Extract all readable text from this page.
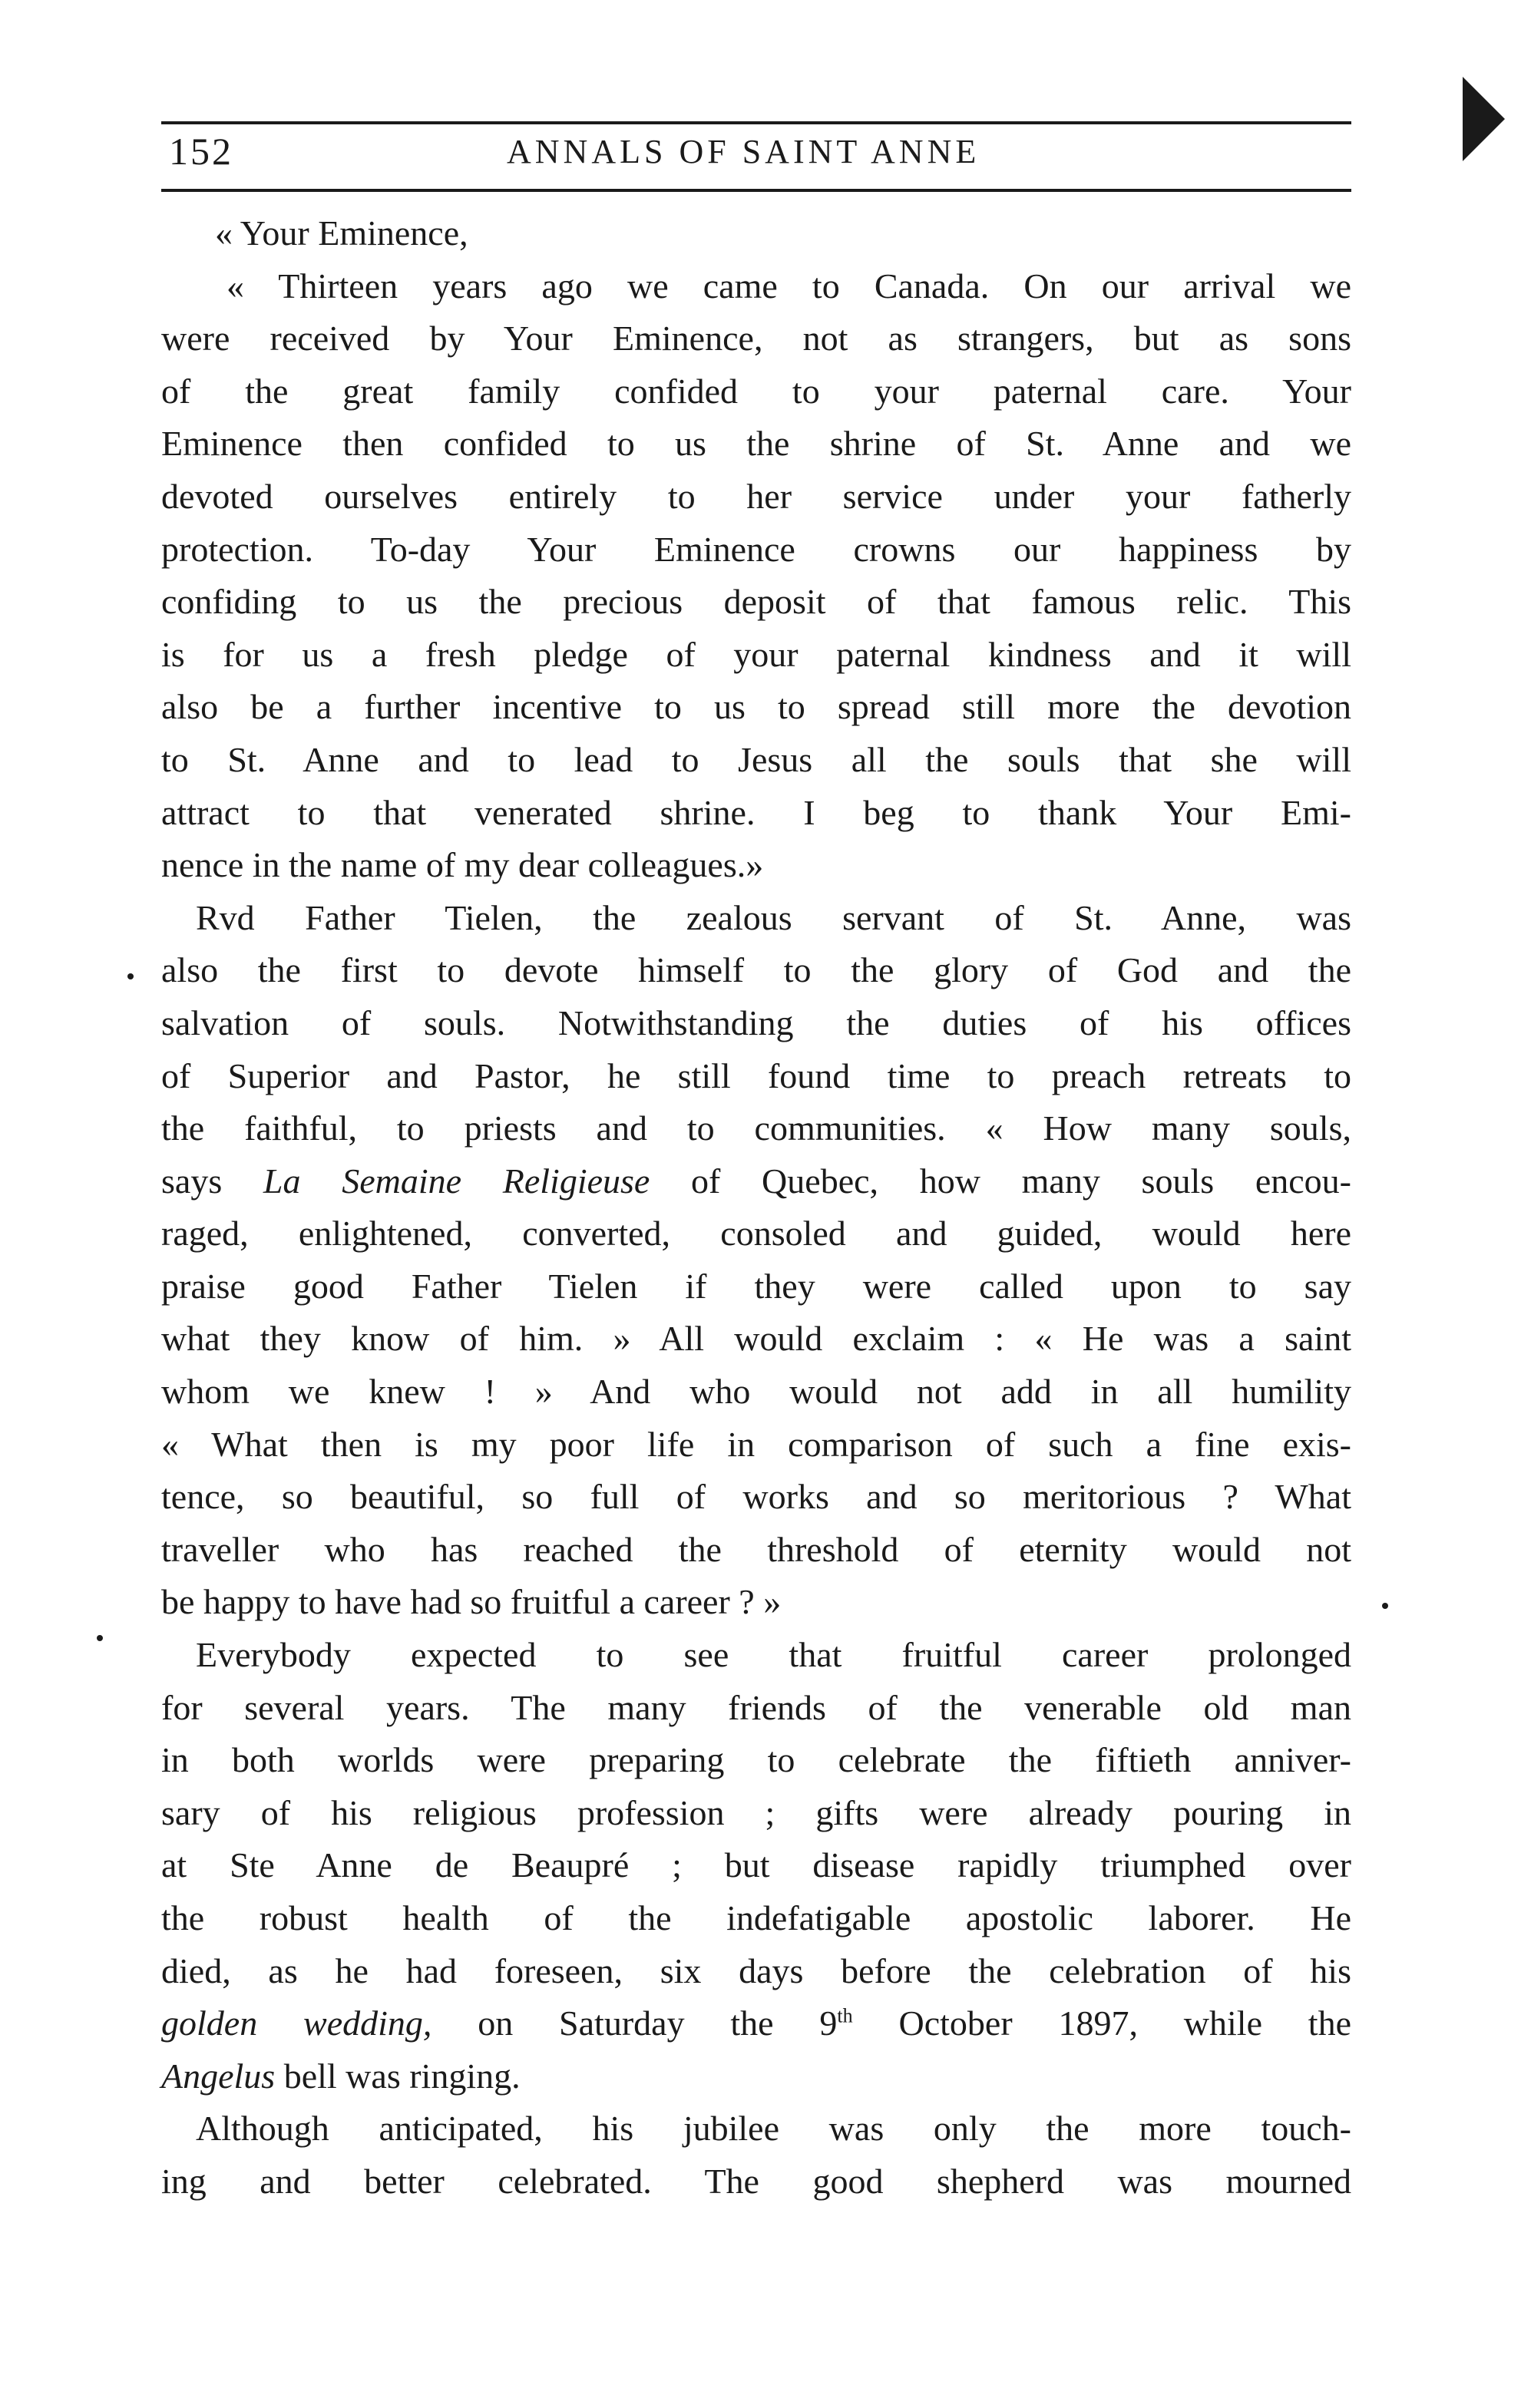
152	ANNALS OF SAINT ANNE
« Your Eminence,
« Thirteen years ago we came to Canada. On our arrival we
were received by Your Eminence, not as strangers, but as sons
of the great family confided to your paternal care. Your
Eminence then confided to us the shrine of St. Anne and we
devoted ourselves entirely to her service under your fatherly
protection. To-day Your Eminence crowns our happiness by
confiding to us the precious deposit of that famous relic. This
is for us a fresh pledge of your paternal kindness and it will
also be a further incentive to us to spread still more the devotion
to St. Anne and to lead to Jesus all the souls that she will
attract to that venerated shrine. I beg to thank Your Emi-
nence in the name of my dear colleagues.»
Rvd Father Tielen, the zealous servant of St. Anne, was
also the first to devote himself to the glory of God and the
salvation of souls. Notwithstanding the duties of his offices
of Superior and Pastor, he still found time to preach retreats to
the faithful, to priests and to communities. « How many souls,
says La Semaine Religieuse of Quebec, how many souls encou-
raged, enlightened, converted, consoled and guided, would here
praise good Father Tielen if they were called upon to say
what they know of him. » All would exclaim : « He was a saint
whom we knew ! » And who would not add in all humility
« What then is my poor life in comparison of such a fine exis-
tence, so beautiful, so full of works and so meritorious ? What
traveller who has reached the threshold of eternity would not
be happy to have had so fruitful a career ? »
Everybody expected to see that fruitful career prolonged
for several years. The many friends of the venerable old man
in both worlds were preparing to celebrate the fiftieth anniver-
sary of his religious profession ; gifts were already pouring in
at Ste Anne de Beaupré ; but disease rapidly triumphed over
the robust health of the indefatigable apostolic laborer. He
died, as he had foreseen, six days before the celebration of his
golden wedding, on Saturday the 9th October 1897, while the
Angelus bell was ringing.
Although anticipated, his jubilee was only the more touch-
ing and better celebrated. The good shepherd was mourned
